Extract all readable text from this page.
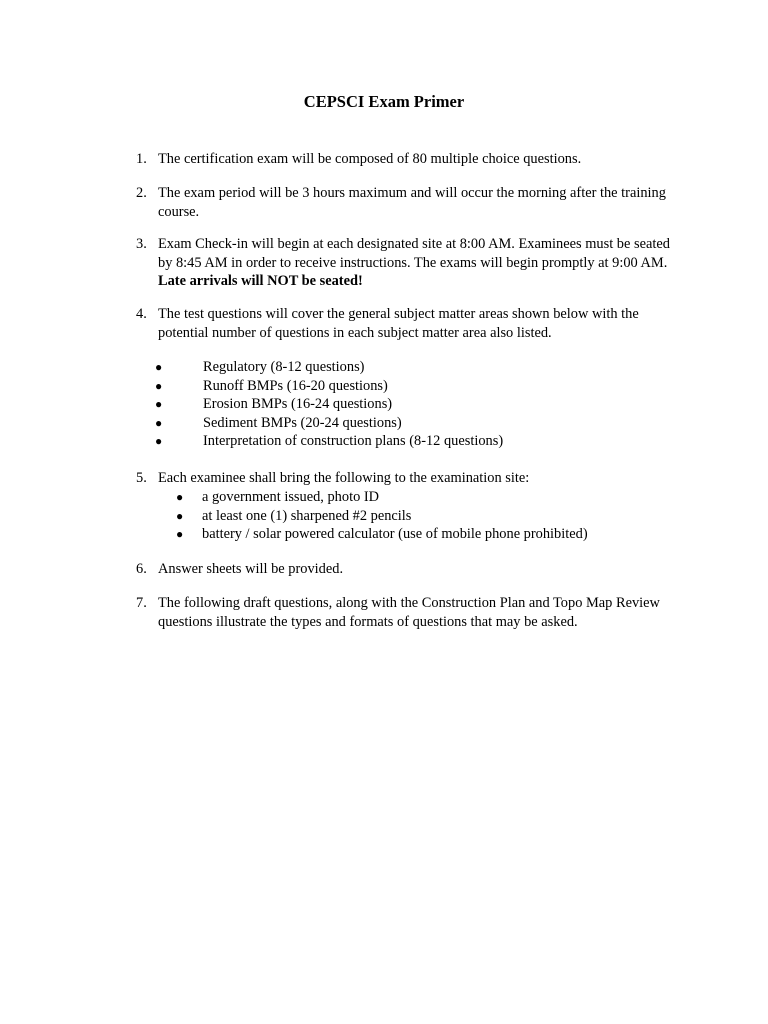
CEPSCI Exam Primer
1. The certification exam will be composed of 80 multiple choice questions.
2. The exam period will be 3 hours maximum and will occur the morning after the training course.
3. Exam Check-in will begin at each designated site at 8:00 AM. Examinees must be seated by 8:45 AM in order to receive instructions. The exams will begin promptly at 9:00 AM. Late arrivals will NOT be seated!
4. The test questions will cover the general subject matter areas shown below with the potential number of questions in each subject matter area also listed.
●	Regulatory (8-12 questions)
●	Runoff BMPs (16-20 questions)
●	Erosion BMPs (16-24 questions)
●	Sediment BMPs (20-24 questions)
●	Interpretation of construction plans (8-12 questions)
5. Each examinee shall bring the following to the examination site:
● a government issued, photo ID
● at least one (1) sharpened #2 pencils
● battery / solar powered calculator (use of mobile phone prohibited)
6. Answer sheets will be provided.
7. The following draft questions, along with the Construction Plan and Topo Map Review questions illustrate the types and formats of questions that may be asked.
